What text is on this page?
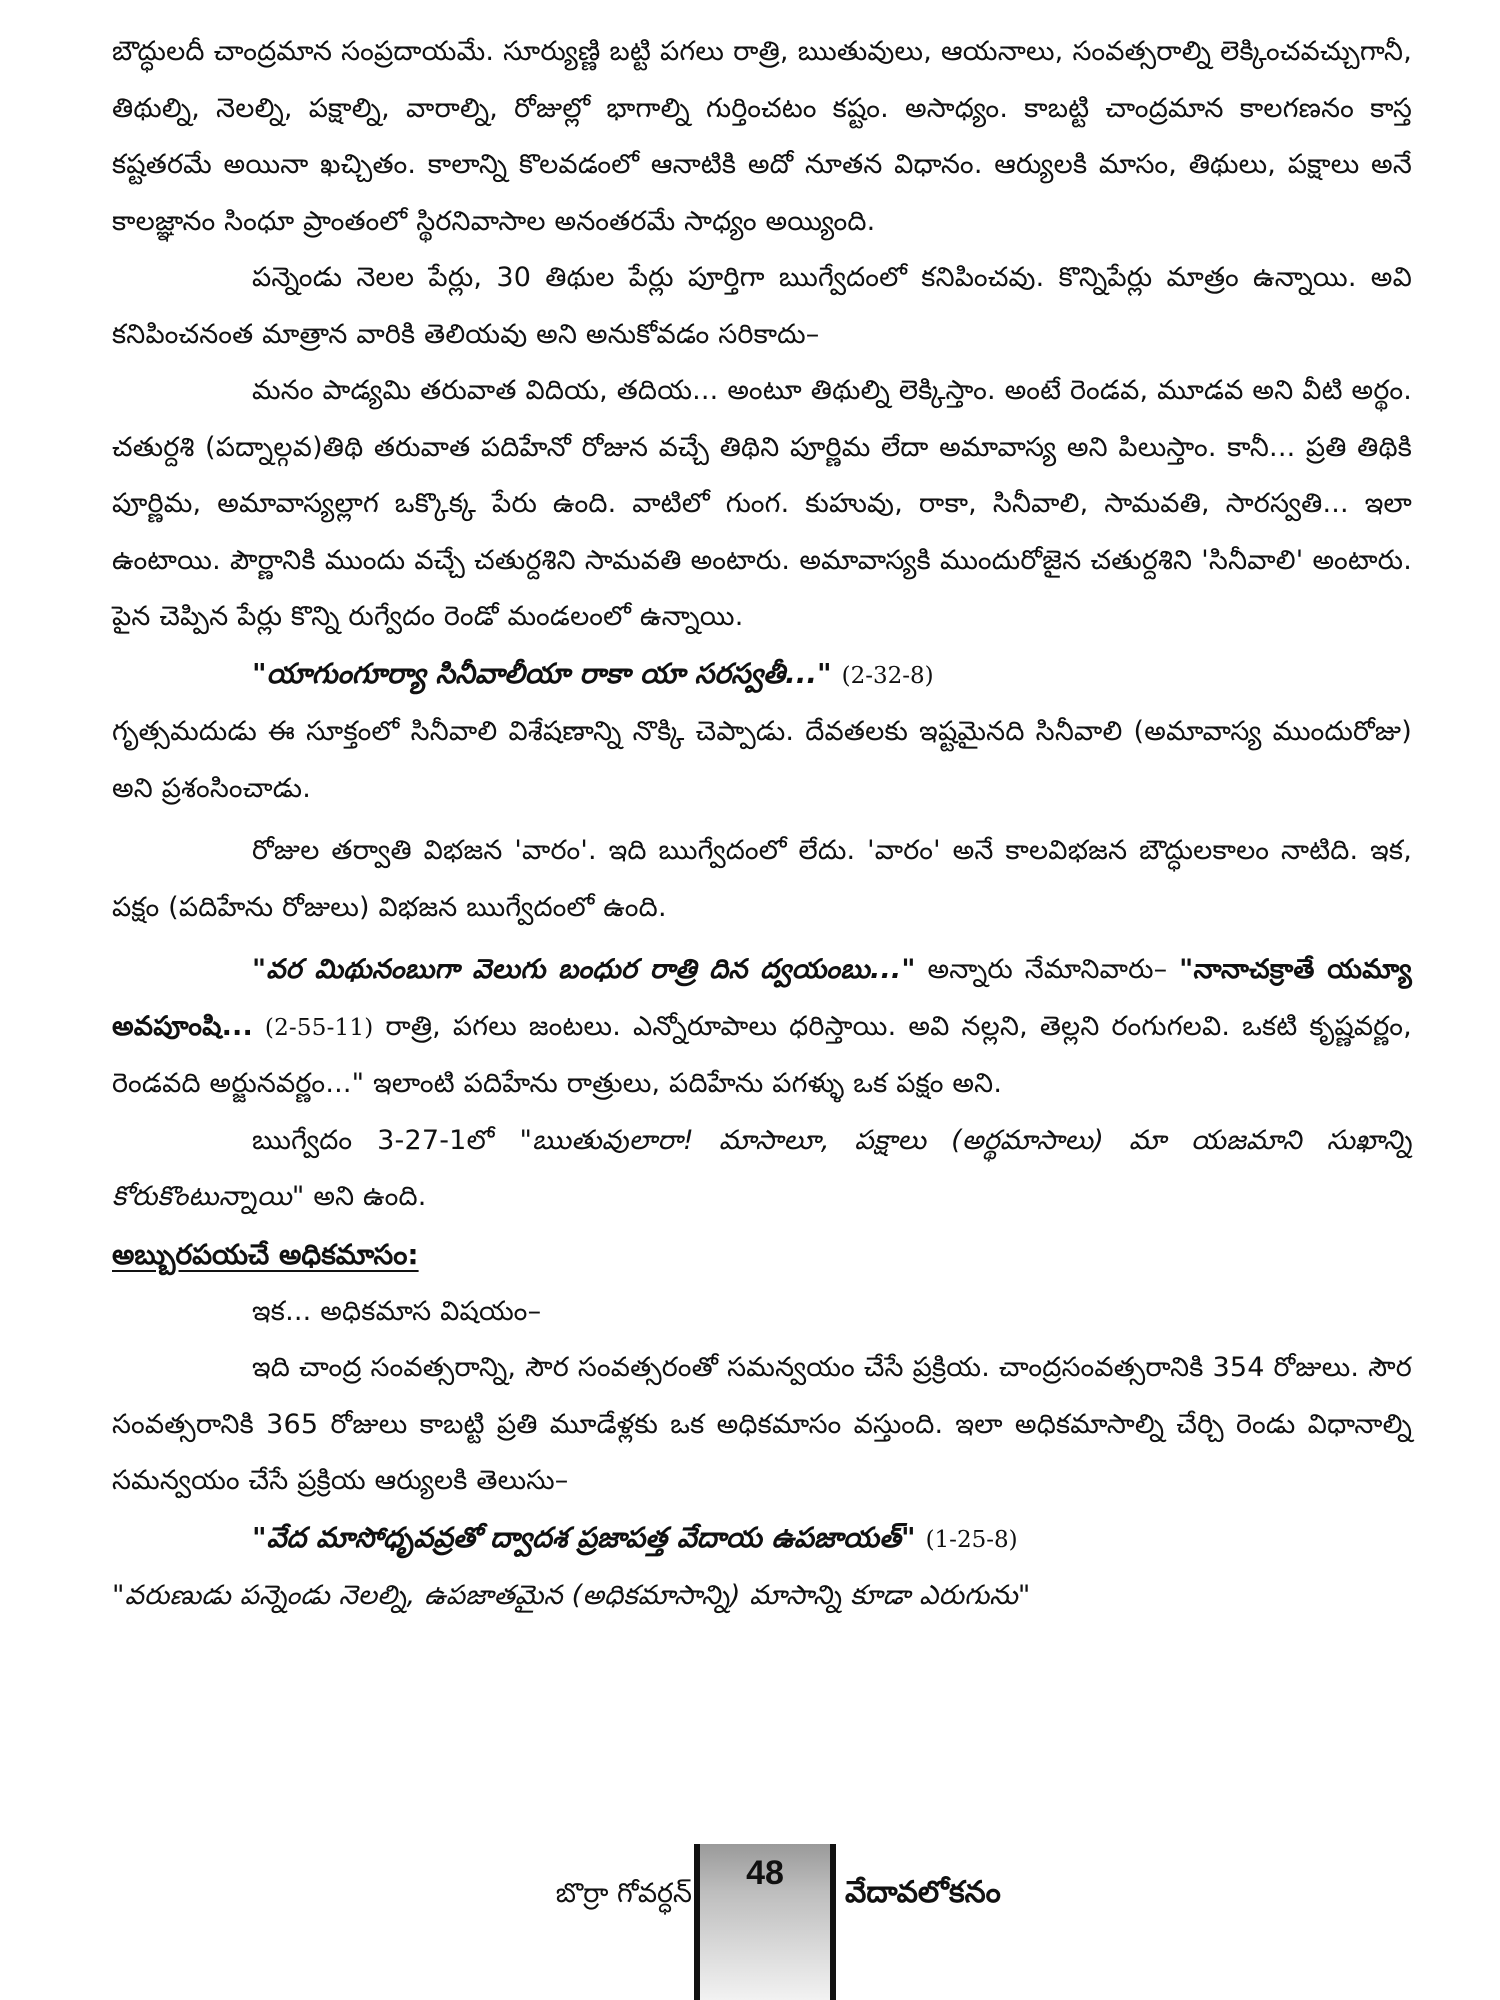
బౌద్ధులదీ చాంద్రమాన సంప్రదాయమే. సూర్యుణ్ణి బట్టి పగలు రాత్రి, ఋతువులు, ఆయనాలు, సంవత్సరాల్ని లెక్కించవచ్చుగానీ, తిథుల్ని, నెలల్ని, పక్షాల్ని, వారాల్ని, రోజుల్లో భాగాల్ని గుర్తించటం కష్టం. అసాధ్యం. కాబట్టి చాంద్రమాన కాలగణనం కాస్త కష్టతరమే అయినా ఖచ్చితం. కాలాన్ని కొలవడంలో ఆనాటికి అదో నూతన విధానం. ఆర్యులకి మాసం, తిథులు, పక్షాలు అనే కాలజ్ఞానం సింధూ ప్రాంతంలో స్థిరనివాసాల అనంతరమే సాధ్యం అయ్యింది.

పన్నెండు నెలల పేర్లు, 30 తిథుల పేర్లు పూర్తిగా ఋగ్వేదంలో కనిపించవు. కొన్నిపేర్లు మాత్రం ఉన్నాయి. అవి కనిపించనంత మాత్రాన వారికి తెలియవు అని అనుకోవడం సరికాదు–

మనం పాడ్యమి తరువాత విదియ, తదియ... అంటూ తిథుల్ని లెక్కిస్తాం. అంటే రెండవ, మూడవ అని వీటి అర్థం. చతుర్దశి (పద్నాల్గవ)తిథి తరువాత పదిహేనో రోజున వచ్చే తిథిని పూర్ణిమ లేదా అమావాస్య అని పిలుస్తాం. కానీ... ప్రతి తిథికి పూర్ణిమ, అమావాస్యల్లాగ ఒక్కొక్క పేరు ఉంది. వాటిలో గుంగ. కుహువు, రాకా, సినీవాలి, సామవతి, సారస్వతి... ఇలా ఉంటాయి. పౌర్ణానికి ముందు వచ్చే చతుర్దశిని సామవతి అంటారు. అమావాస్యకి ముందురోజైన చతుర్దశిని 'సినీవాలి' అంటారు. పైన చెప్పిన పేర్లు కొన్ని రుగ్వేదం రెండో మండలంలో ఉన్నాయి.

"యాగుంగూర్యా సినీవాలీయా రాకా యా సరస్వతీ..." (2-32-8)

గృత్సమదుడు ఈ సూక్తంలో సినీవాలి విశేషణాన్ని నొక్కి చెప్పాడు. దేవతలకు ఇష్టమైనది సినీవాలి (అమావాస్య ముందురోజు) అని ప్రశంసించాడు.

రోజుల తర్వాతి విభజన 'వారం'. ఇది ఋగ్వేదంలో లేదు. 'వారం' అనే కాలవిభజన బౌద్ధులకాలం నాటిది. ఇక, పక్షం (పదిహేను రోజులు) విభజన ఋగ్వేదంలో ఉంది.

"వర మిథునంబుగా వెలుగు బంధుర రాత్రి దిన ద్వయంబు..." అన్నారు నేమానివారు– "నానాచక్రాతే యమ్యా అవపూంషి... (2-55-11) రాత్రి, పగలు జంటలు. ఎన్నోరూపాలు ధరిస్తాయి. అవి నల్లని, తెల్లని రంగుగలవి. ఒకటి కృష్ణవర్ణం, రెండవది అర్జునవర్ణం..." ఇలాంటి పదిహేను రాత్రులు, పదిహేను పగళ్ళు ఒక పక్షం అని.

ఋగ్వేదం 3-27-1లో "ఋతువులారా! మాసాలూ, పక్షాలు (అర్థమాసాలు) మా యజమాని సుఖాన్ని కోరుకొంటున్నాయి" అని ఉంది.

అబ్బురపయచే అధికమాసం:

ఇక... అధికమాస విషయం–

ఇది చాంద్ర సంవత్సరాన్ని, సౌర సంవత్సరంతో సమన్వయం చేసే ప్రక్రియ. చాంద్రసంవత్సరానికి 354 రోజులు. సౌర సంవత్సరానికి 365 రోజులు కాబట్టి ప్రతి మూడేళ్లకు ఒక అధికమాసం వస్తుంది. ఇలా అధికమాసాల్ని చేర్చి రెండు విధానాల్ని సమన్వయం చేసే ప్రక్రియ ఆర్యులకి తెలుసు–

"వేద మాసోధృవవ్రతో ద్వాదశ ప్రజాపత్త వేదాయ ఉపజాయత్" (1-25-8)

"వరుణుడు పన్నెండు నెలల్ని, ఉపజాతమైన (అధికమాసాన్ని) మాసాన్ని కూడా ఎరుగును"

బొర్రా గోవర్ధన్
48
వేదావలోకనం
